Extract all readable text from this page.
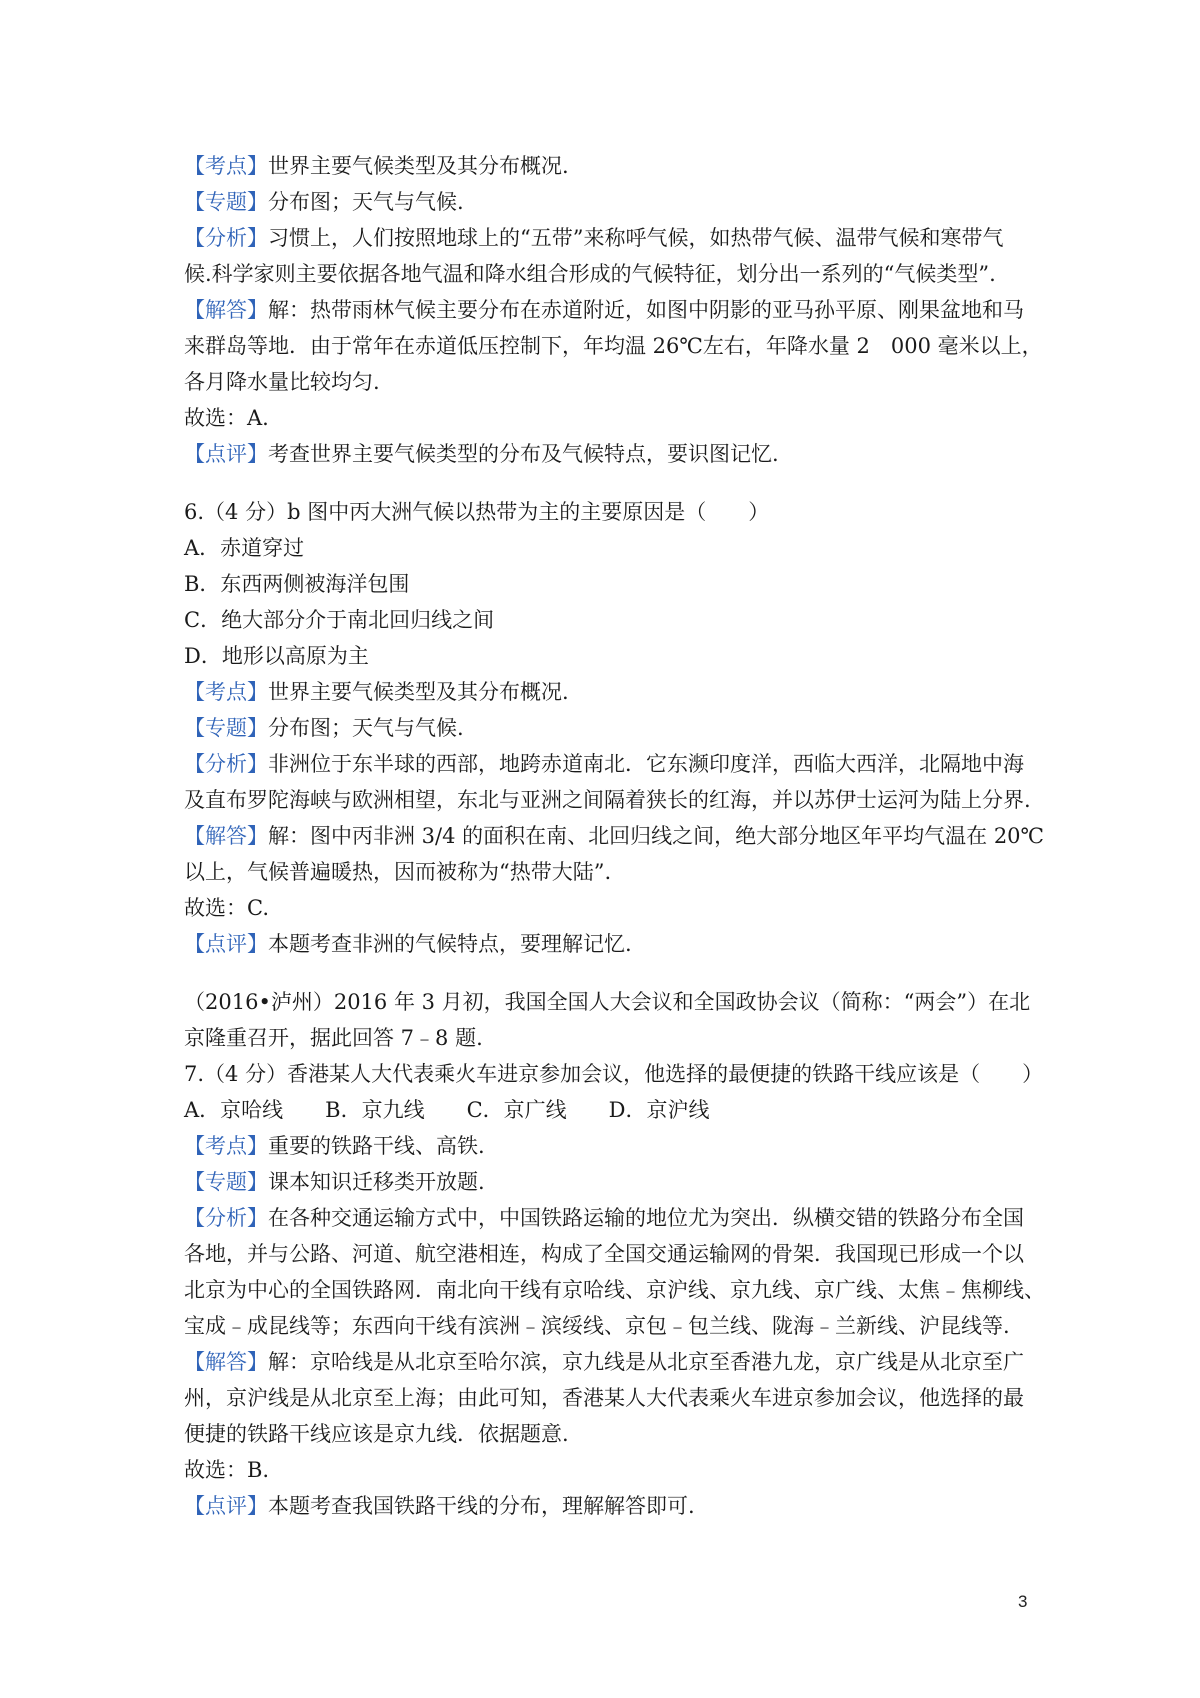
【考点】世界主要气候类型及其分布概况.
【专题】分布图；天气与气候.
【分析】习惯上，人们按照地球上的“五带”来称呼气候，如热带气候、温带气候和寒带气
候.科学家则主要依据各地气温和降水组合形成的气候特征，划分出一系列的“气候类型”.
【解答】解：热带雨林气候主要分布在赤道附近，如图中阴影的亚马孙平原、刚果盆地和马
来群岛等地．由于常年在赤道低压控制下，年均温 26℃左右，年降水量 2　000 毫米以上，
各月降水量比较均匀.
故选：A.
【点评】考查世界主要气候类型的分布及气候特点，要识图记忆.
6.（4 分）b 图中丙大洲气候以热带为主的主要原因是（　　）
A．赤道穿过
B．东西两侧被海洋包围
C．绝大部分介于南北回归线之间
D．地形以高原为主
【考点】世界主要气候类型及其分布概况.
【专题】分布图；天气与气候.
【分析】非洲位于东半球的西部，地跨赤道南北．它东濒印度洋，西临大西洋，北隔地中海
及直布罗陀海峡与欧洲相望，东北与亚洲之间隔着狭长的红海，并以苏伊士运河为陆上分界.
【解答】解：图中丙非洲 3/4 的面积在南、北回归线之间，绝大部分地区年平均气温在 20℃
以上，气候普遍暖热，因而被称为“热带大陆”.
故选：C.
【点评】本题考查非洲的气候特点，要理解记忆.
（2016•泸州）2016 年 3 月初，我国全国人大会议和全国政协会议（简称：“两会”）在北
京隆重召开，据此回答 7﹣8 题.
7.（4 分）香港某人大代表乘火车进京参加会议，他选择的最便捷的铁路干线应该是（　　）
A．京哈线　　B．京九线　　C．京广线　　D．京沪线
【考点】重要的铁路干线、高铁.
【专题】课本知识迁移类开放题.
【分析】在各种交通运输方式中，中国铁路运输的地位尤为突出．纵横交错的铁路分布全国
各地，并与公路、河道、航空港相连，构成了全国交通运输网的骨架．我国现已形成一个以
北京为中心的全国铁路网．南北向干线有京哈线、京沪线、京九线、京广线、太焦﹣焦柳线、
宝成﹣成昆线等；东西向干线有滨洲﹣滨绥线、京包﹣包兰线、陇海﹣兰新线、沪昆线等.
【解答】解：京哈线是从北京至哈尔滨，京九线是从北京至香港九龙，京广线是从北京至广
州，京沪线是从北京至上海；由此可知，香港某人大代表乘火车进京参加会议，他选择的最
便捷的铁路干线应该是京九线．依据题意.
故选：B.
【点评】本题考查我国铁路干线的分布，理解解答即可.
3
